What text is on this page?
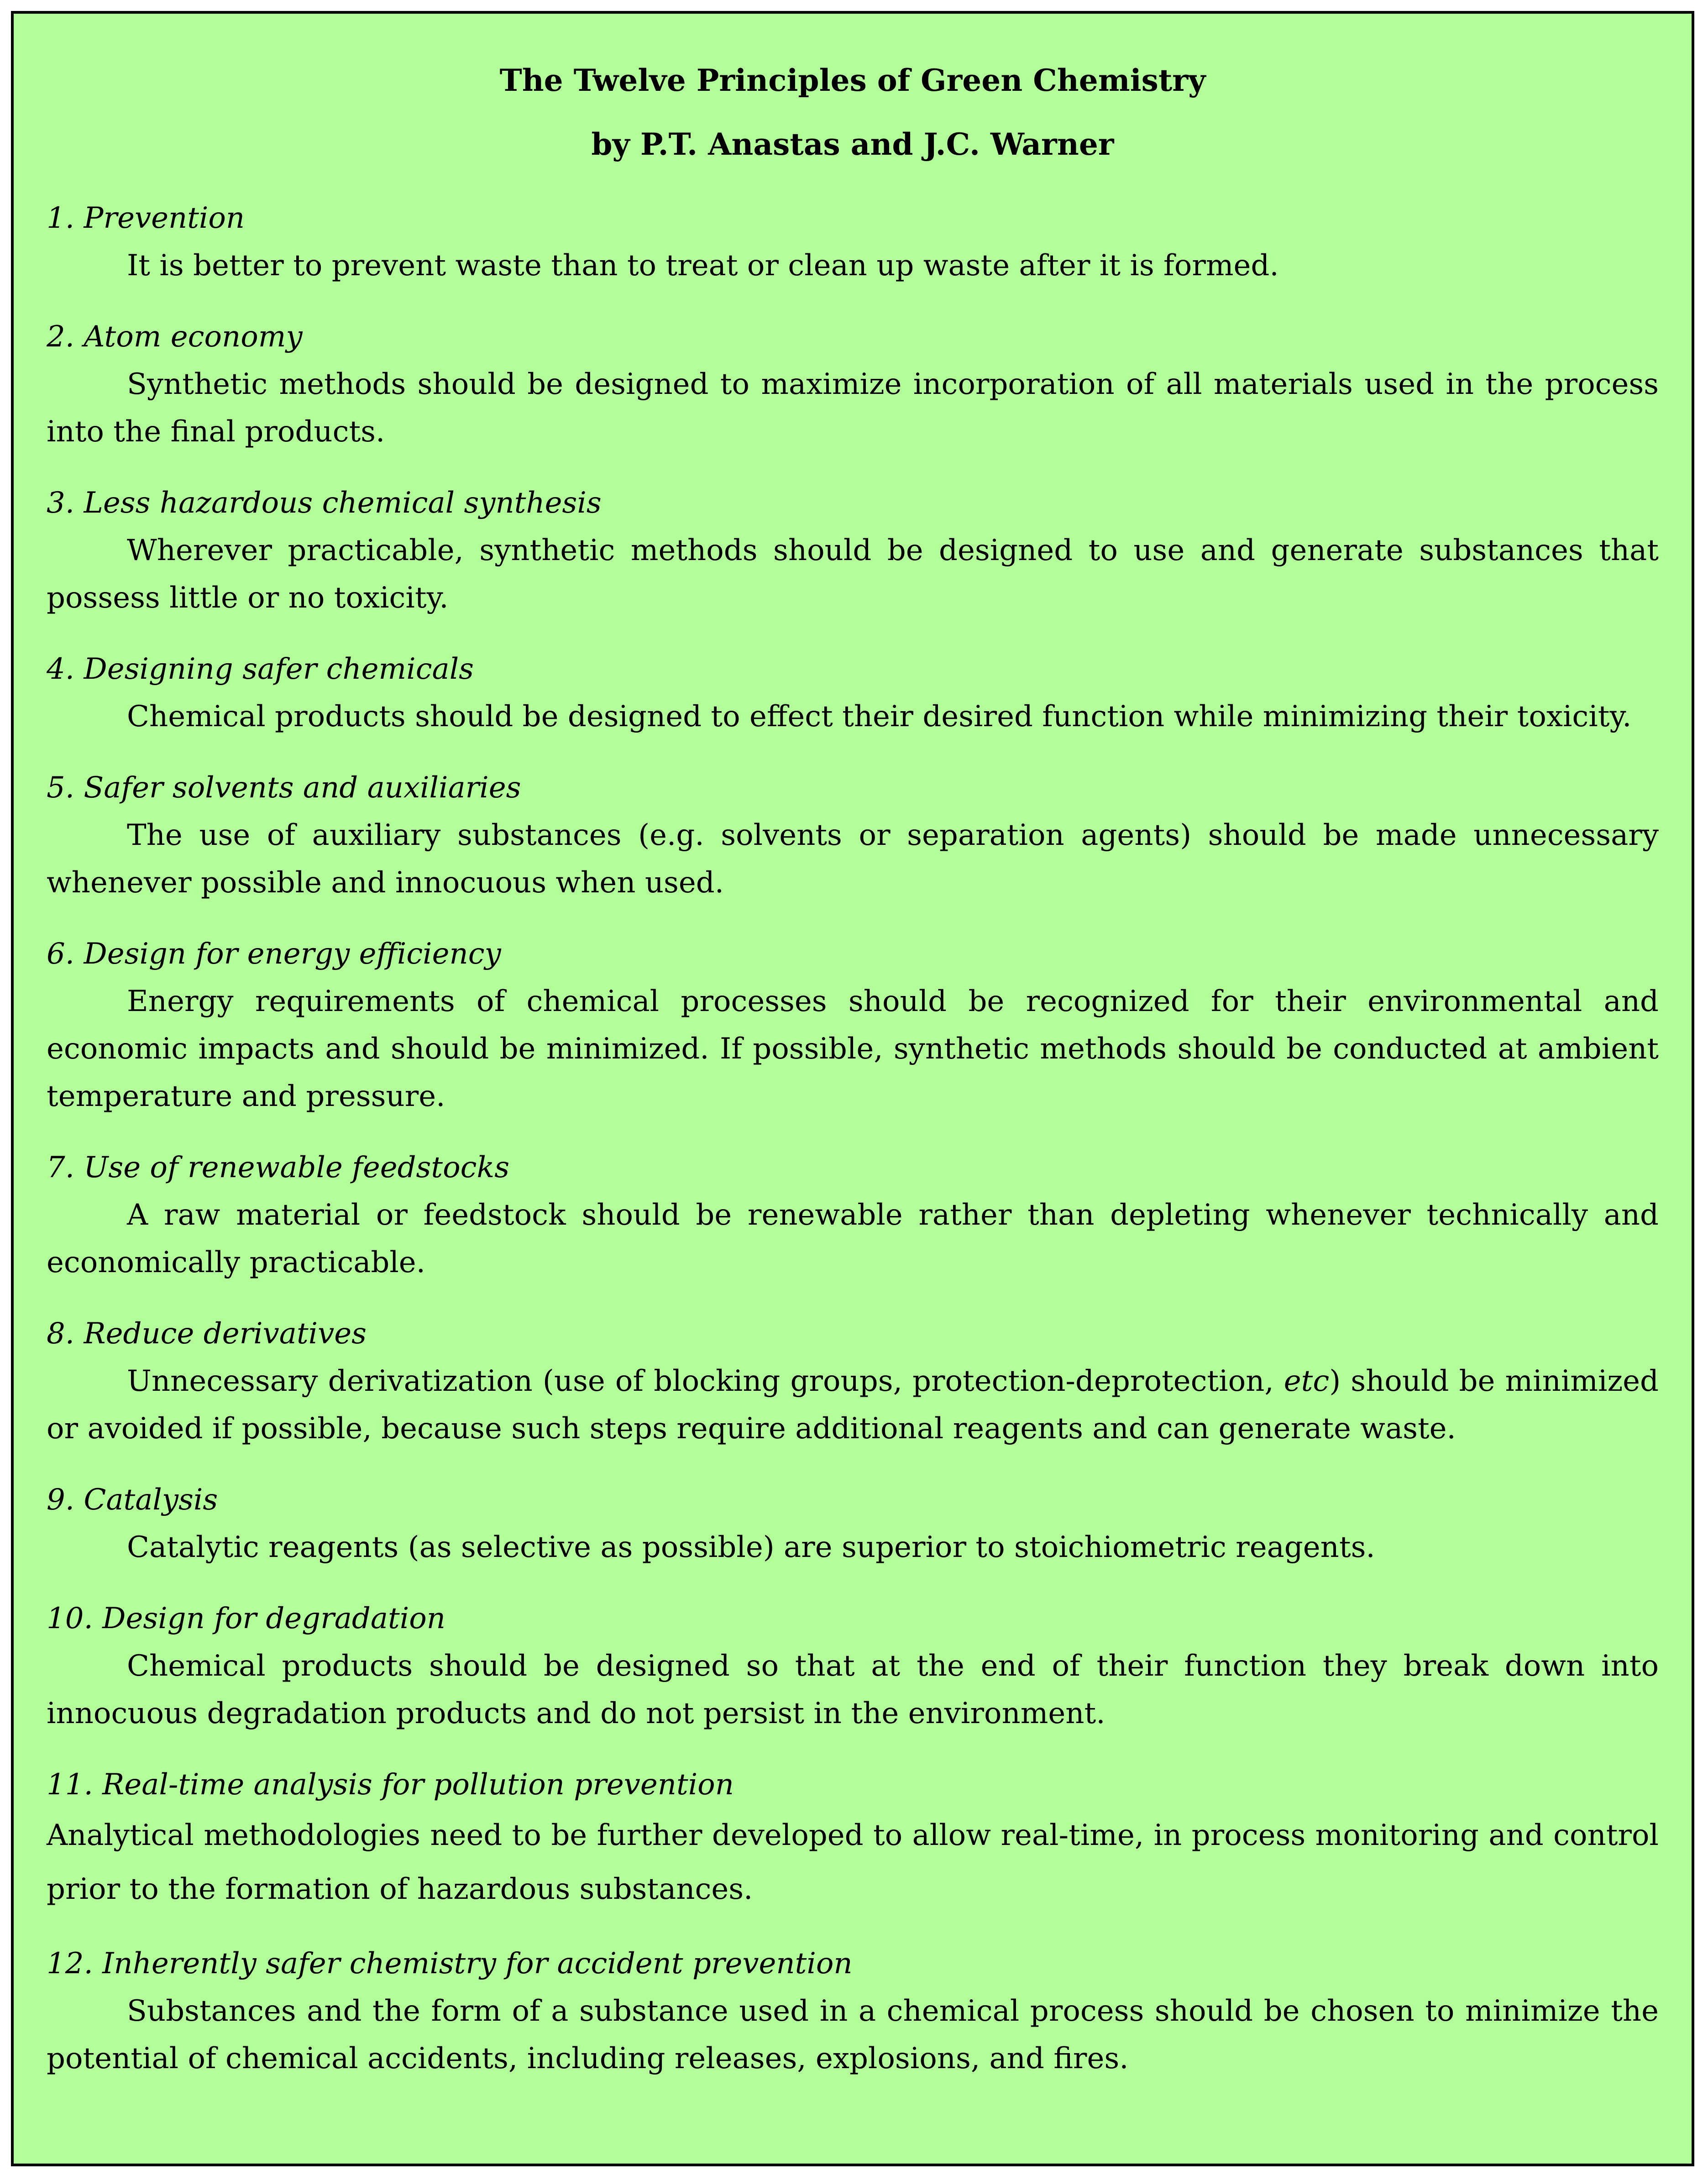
The Twelve Principles of Green Chemistry
by P.T. Anastas and J.C. Warner
1. Prevention
It is better to prevent waste than to treat or clean up waste after it is formed.
2. Atom economy
Synthetic methods should be designed to maximize incorporation of all materials used in the process into the final products.
3. Less hazardous chemical synthesis
Wherever practicable, synthetic methods should be designed to use and generate substances that possess little or no toxicity.
4. Designing safer chemicals
Chemical products should be designed to effect their desired function while minimizing their toxicity.
5. Safer solvents and auxiliaries
The use of auxiliary substances (e.g. solvents or separation agents) should be made unnecessary whenever possible and innocuous when used.
6. Design for energy efficiency
Energy requirements of chemical processes should be recognized for their environmental and economic impacts and should be minimized. If possible, synthetic methods should be conducted at ambient temperature and pressure.
7. Use of renewable feedstocks
A raw material or feedstock should be renewable rather than depleting whenever technically and economically practicable.
8. Reduce derivatives
Unnecessary derivatization (use of blocking groups, protection-deprotection, etc) should be minimized or avoided if possible, because such steps require additional reagents and can generate waste.
9. Catalysis
Catalytic reagents (as selective as possible) are superior to stoichiometric reagents.
10. Design for degradation
Chemical products should be designed so that at the end of their function they break down into innocuous degradation products and do not persist in the environment.
11. Real-time analysis for pollution prevention
Analytical methodologies need to be further developed to allow real-time, in process monitoring and control prior to the formation of hazardous substances.
12. Inherently safer chemistry for accident prevention
Substances and the form of a substance used in a chemical process should be chosen to minimize the potential of chemical accidents, including releases, explosions, and fires.
